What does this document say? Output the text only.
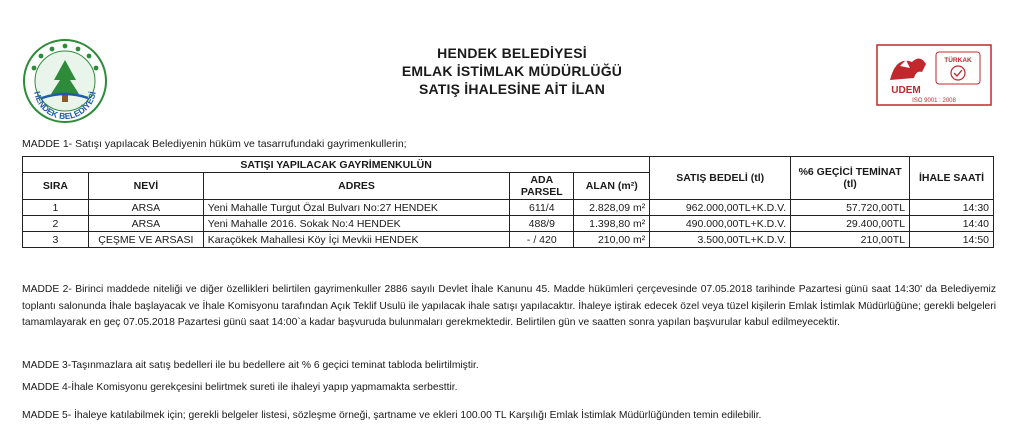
HENDEK BELEDİYESİ
HENDEK BELEDİYESİ
EMLAK İSTİMLAK MÜDÜRLÜĞÜ
SATIŞ İHALESİNE AİT İLAN
TÜRKAK
UDEM
ISO 9001 : 2008
MADDE 1- Satışı yapılacak Belediyenin hüküm ve tasarrufundaki gayrimenkullerin;
SATIŞI YAPILACAK GAYRİMENKULÜN					SATIŞ BEDELİ (tl)	%6 GEÇİCİ TEMİNAT (tl)	İHALE SAATİ
SIRA	NEVİ	ADRES	ADA PARSEL	ALAN (m²)			
1	ARSA	Yeni Mahalle Turgut Özal Bulvarı No:27 HENDEK	611/4	2.828,09 m²	962.000,00TL+K.D.V.	57.720,00TL	14:30
2	ARSA	Yeni Mahalle 2016. Sokak No:4 HENDEK	488/9	1.398,80 m²	490.000,00TL+K.D.V.	29.400,00TL	14:40
3	ÇEŞME VE ARSASI	Karaçökek Mahallesi Köy İçi Mevkii HENDEK	- / 420	210,00 m²	3.500,00TL+K.D.V.	210,00TL	14:50
MADDE 2- Birinci maddede niteliği ve diğer özellikleri belirtilen gayrimenkuller 2886 sayılı Devlet İhale Kanunu 45. Madde hükümleri çerçevesinde 07.05.2018 tarihinde Pazartesi günü saat 14:30' da Belediyemiz toplantı salonunda İhale başlayacak ve İhale Komisyonu tarafından Açık Teklif Usulü ile yapılacak ihale satışı yapılacaktır. İhaleye iştirak edecek özel veya tüzel kişilerin Emlak İstimlak Müdürlüğüne; gerekli belgeleri tamamlayarak en geç 07.05.2018 Pazartesi günü saat 14:00`a kadar başvuruda bulunmaları gerekmektedir. Belirtilen gün ve saatten sonra yapılan başvurular kabul edilmeyecektir.
MADDE 3-Taşınmazlara ait satış bedelleri ile bu bedellere ait % 6 geçici teminat tabloda belirtilmiştir.
MADDE 4-İhale Komisyonu gerekçesini belirtmek sureti ile ihaleyi yapıp yapmamakta serbesttir.
MADDE 5- İhaleye katılabilmek için; gerekli belgeler listesi, sözleşme örneği, şartname ve ekleri 100.00 TL Karşılığı Emlak İstimlak Müdürlüğünden temin edilebilir.
